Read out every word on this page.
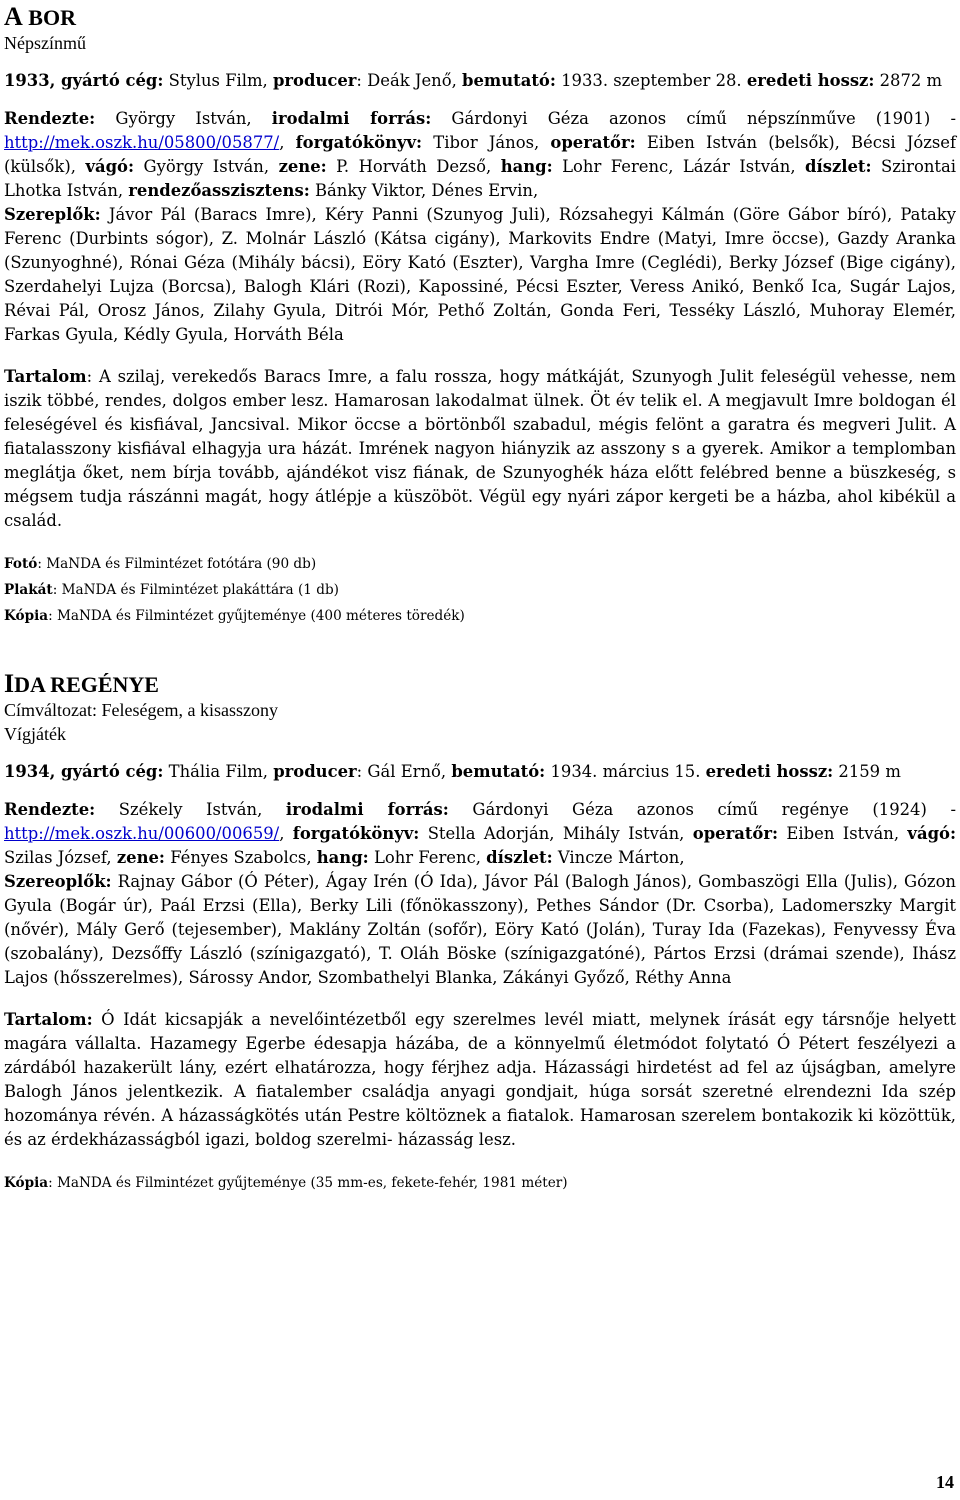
A BOR
Népszínmű

1933, gyártó cég: Stylus Film, producer: Deák Jenő, bemutató: 1933. szeptember 28. eredeti hossz: 2872 m

Rendezte: György István, irodalmi forrás: Gárdonyi Géza azonos című népszínműve (1901) - http://mek.oszk.hu/05800/05877/, forgatókönyv: Tibor János, operatőr: Eiben István (belsők), Bécsi József (külsők), vágó: György István, zene: P. Horváth Dezső, hang: Lohr Ferenc, Lázár István, díszlet: Szirontai Lhotka István, rendezőasszisztens: Bánky Viktor, Dénes Ervin,
Szereplők: Jávor Pál (Baracs Imre), Kéry Panni (Szunyog Juli), Rózsahegyi Kálmán (Göre Gábor bíró), Pataky Ferenc (Durbints sógor), Z. Molnár László (Kátsa cigány), Markovits Endre (Matyi, Imre öccse), Gazdy Aranka (Szunyoghné), Rónai Géza (Mihály bácsi), Eöry Kató (Eszter), Vargha Imre (Ceglédi), Berky József (Bige cigány), Szerdahelyi Lujza (Borcsa), Balogh Klári (Rozi), Kapossiné, Pécsi Eszter, Veress Anikó, Benkő Ica, Sugár Lajos, Révai Pál, Orosz János, Zilahy Gyula, Ditrói Mór, Pethő Zoltán, Gonda Feri, Tesséky László, Muhoray Elemér, Farkas Gyula, Kédly Gyula, Horváth Béla

Tartalom: A szilaj, verekedős Baracs Imre, a falu rossza, hogy mátkáját, Szunyogh Julit feleségül vehesse, nem iszik többé, rendes, dolgos ember lesz. Hamarosan lakodalmat ülnek. Öt év telik el. A megjavult Imre boldogan él feleségével és kisfiával, Jancsival. Mikor öccse a börtönből szabadul, mégis felönt a garatra és megveri Julit. A fiatalasszony kisfiával elhagyja ura házát. Imrének nagyon hiányzik az asszony s a gyerek. Amikor a templomban meglátja őket, nem bírja tovább, ajándékot visz fiának, de Szunyoghék háza előtt felébred benne a büszkeség, s mégsem tudja rászánni magát, hogy átlépje a küszöböt. Végül egy nyári zápor kergeti be a házba, ahol kibékül a család.

Fotó: MaNDA és Filmintézet fotótára (90 db)

Plakát: MaNDA és Filmintézet plakáttára (1 db)

Kópia: MaNDA és Filmintézet gyűjteménye (400 méteres töredék)

IDA REGÉNYE
Címváltozat: Feleségem, a kisasszony
Vígjáték

1934, gyártó cég: Thália Film, producer: Gál Ernő, bemutató: 1934. március 15. eredeti hossz: 2159 m

Rendezte: Székely István, irodalmi forrás: Gárdonyi Géza azonos című regénye (1924) - http://mek.oszk.hu/00600/00659/, forgatókönyv: Stella Adorján, Mihály István, operatőr: Eiben István, vágó: Szilas József, zene: Fényes Szabolcs, hang: Lohr Ferenc, díszlet: Vincze Márton,
Szereoplők: Rajnay Gábor (Ó Péter), Ágay Irén (Ó Ida), Jávor Pál (Balogh János), Gombaszögi Ella (Julis), Gózon Gyula (Bogár úr), Paál Erzsi (Ella), Berky Lili (főnökasszony), Pethes Sándor (Dr. Csorba), Ladomerszky Margit (nővér), Mály Gerő (tejesember), Maklány Zoltán (sofőr), Eöry Kató (Jolán), Turay Ida (Fazekas), Fenyvessy Éva (szobalány), Dezsőffy László (színigazgató), T. Oláh Böske (színigazgatóné), Pártos Erzsi (drámai szende), Ihász Lajos (hősszerelmes), Sárossy Andor, Szombathelyi Blanka, Zákányi Győző, Réthy Anna

Tartalom: Ó Idát kicsapják a nevelőintézetből egy szerelmes levél miatt, melynek írását egy társnője helyett magára vállalta. Hazamegy Egerbe édesapja házába, de a könnyelmű életmódot folytató Ó Pétert feszélyezi a zárdából hazakerült lány, ezért elhatározza, hogy férjhez adja. Házassági hirdetést ad fel az újságban, amelyre Balogh János jelentkezik. A fiatalember családja anyagi gondjait, húga sorsát szeretné elrendezni Ida szép hozománya révén. A házasságkötés után Pestre költöznek a fiatalok. Hamarosan szerelem bontakozik ki közöttük, és az érdekházasságból igazi, boldog szerelmi- házasság lesz.

Kópia: MaNDA és Filmintézet gyűjteménye (35 mm-es, fekete-fehér, 1981 méter)

14
